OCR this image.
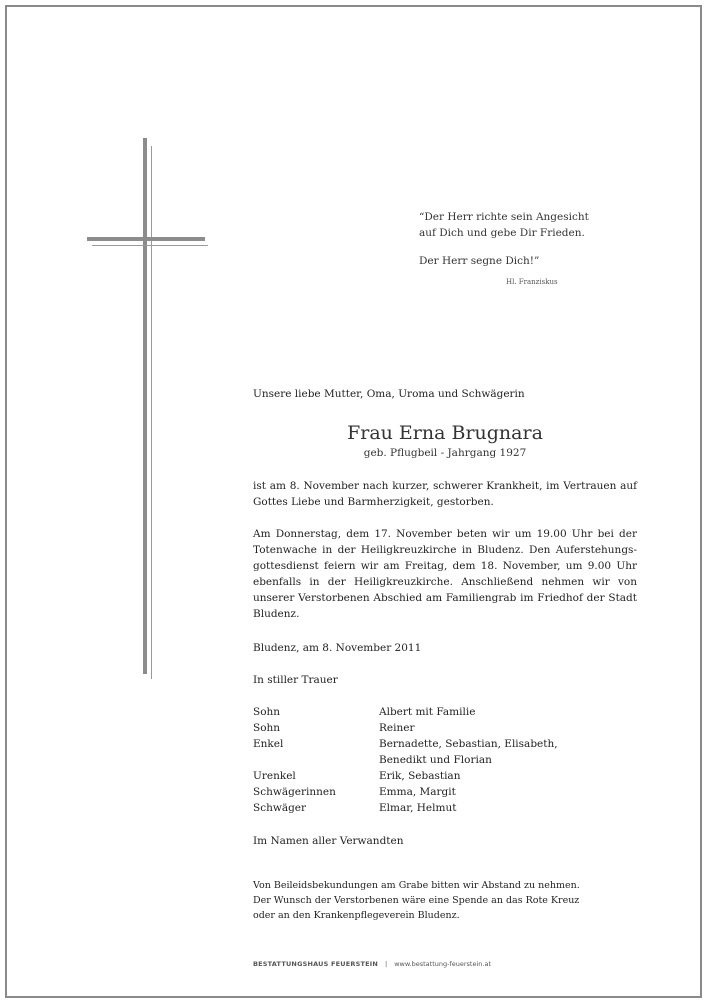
“Der Herr richte sein Angesicht

auf Dich und gebe Dir Frieden.

Der Herr segne Dich!”

Hl. Franziskus
Unsere liebe Mutter, Oma, Uroma und Schwägerin
Frau Erna Brugnara
geb. Pflugbeil - Jahrgang 1927
ist am 8. November nach kurzer, schwerer Krankheit, im Vertrauen auf Gottes Liebe und Barmherzigkeit, gestorben.
Am Donnerstag, dem 17. November beten wir um 19.00 Uhr bei der Totenwache in der Heiligkreuzkirche in Bludenz. Den Auferstehungsgottesdienst feiern wir am Freitag, dem 18. November, um 9.00 Uhr ebenfalls in der Heiligkreuzkirche. Anschließend nehmen wir von unserer Verstorbenen Abschied am Familiengrab im Friedhof der Stadt Bludenz.
Bludenz, am 8. November 2011
In stiller Trauer
Sohn	Albert mit Familie
Sohn	Reiner
Enkel	Bernadette, Sebastian, Elisabeth,
Benedikt und Florian
Urenkel	Erik, Sebastian
Schwägerinnen	Emma, Margit
Schwäger	Elmar, Helmut
Im Namen aller Verwandten
Von Beileidsbekundungen am Grabe bitten wir Abstand zu nehmen.
Der Wunsch der Verstorbenen wäre eine Spende an das Rote Kreuz
oder an den Krankenpflegeverein Bludenz.
BESTATTUNGSHAUS FEUERSTEIN | www.bestattung-feuerstein.at
